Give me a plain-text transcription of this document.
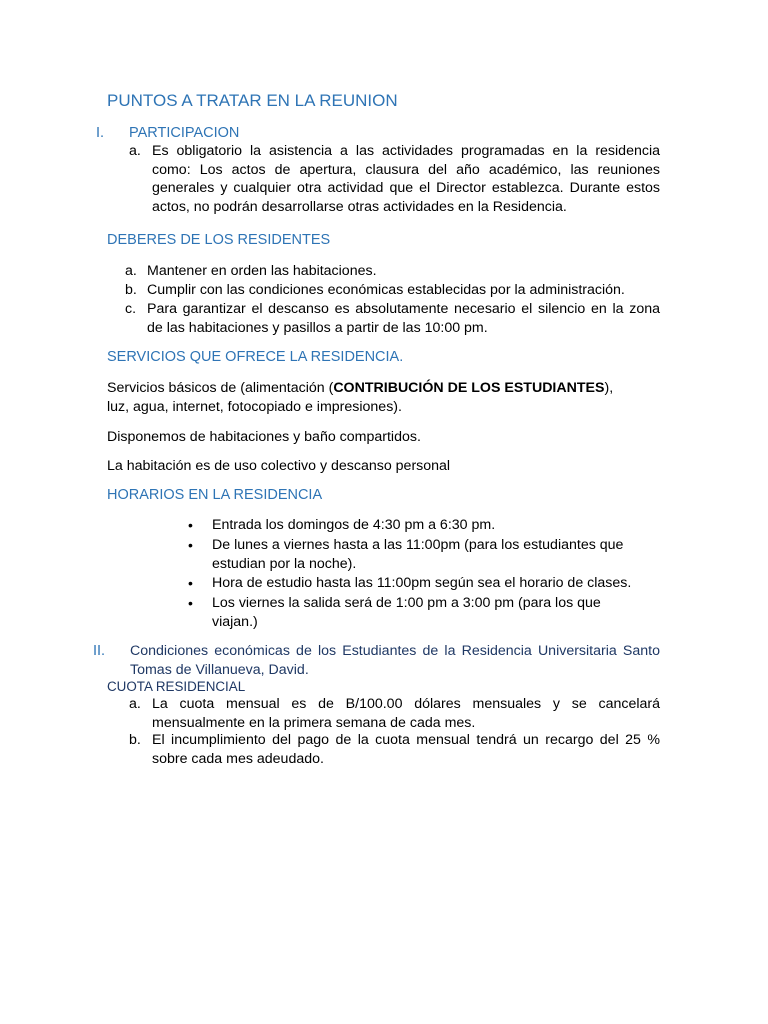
PUNTOS A TRATAR EN LA REUNION
I. PARTICIPACION
a. Es obligatorio la asistencia a las actividades programadas en la residencia como: Los actos de apertura, clausura del año académico, las reuniones generales y cualquier otra actividad que el Director establezca. Durante estos actos, no podrán desarrollarse otras actividades en la Residencia.
DEBERES DE LOS RESIDENTES
a. Mantener en orden las habitaciones.
b. Cumplir con las condiciones económicas establecidas por la administración.
c. Para garantizar el descanso es absolutamente necesario el silencio en la zona de las habitaciones y pasillos a partir de las 10:00 pm.
SERVICIOS QUE OFRECE LA RESIDENCIA.
Servicios básicos de (alimentación (CONTRIBUCIÓN DE LOS ESTUDIANTES),
luz, agua, internet, fotocopiado e impresiones).
Disponemos de habitaciones y baño compartidos.
La habitación es de uso colectivo y descanso personal
HORARIOS EN LA RESIDENCIA
• Entrada los domingos de 4:30 pm a 6:30 pm.
• De lunes a viernes hasta a las 11:00pm (para los estudiantes que estudian por la noche).
• Hora de estudio hasta las 11:00pm según sea el horario de clases.
• Los viernes la salida será de 1:00 pm a 3:00 pm (para los que viajan.)
II. Condiciones económicas de los Estudiantes de la Residencia Universitaria Santo Tomas de Villanueva, David.
CUOTA RESIDENCIAL
a. La cuota mensual es de B/100.00 dólares mensuales y se cancelará mensualmente en la primera semana de cada mes.
b. El incumplimiento del pago de la cuota mensual tendrá un recargo del 25 % sobre cada mes adeudado.
